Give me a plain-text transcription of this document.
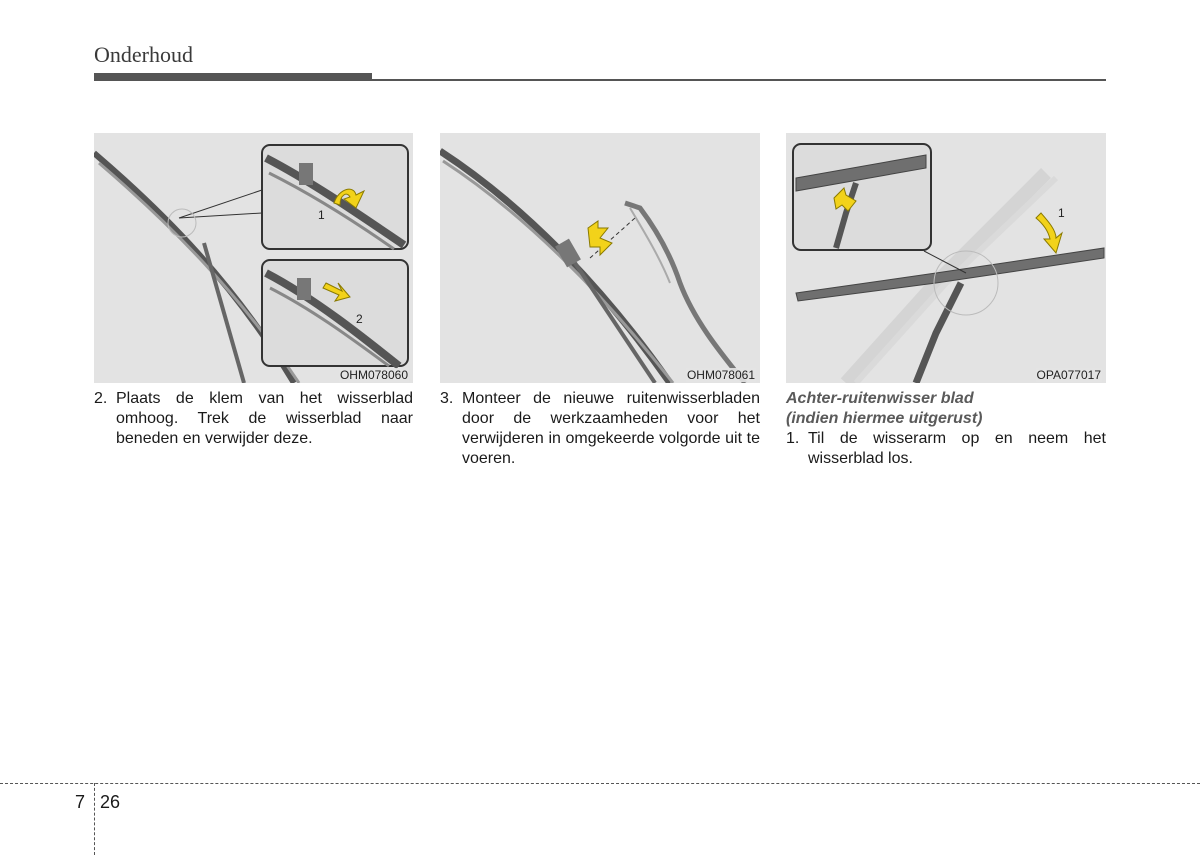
Onderhoud
1
2
OHM078060	OHM078061
1
OPA077017
2. Plaats de klem van het wisserblad omhoog. Trek de wisserblad naar beneden en verwijder deze.
3. Monteer de nieuwe ruitenwisserbladen door de werkzaamheden voor het verwijderen in omgekeerde volgorde uit te voeren.
Achter-ruitenwisser blad
(indien hiermee uitgerust)
1. Til de wisserarm op en neem het wisserblad los.
7 26
